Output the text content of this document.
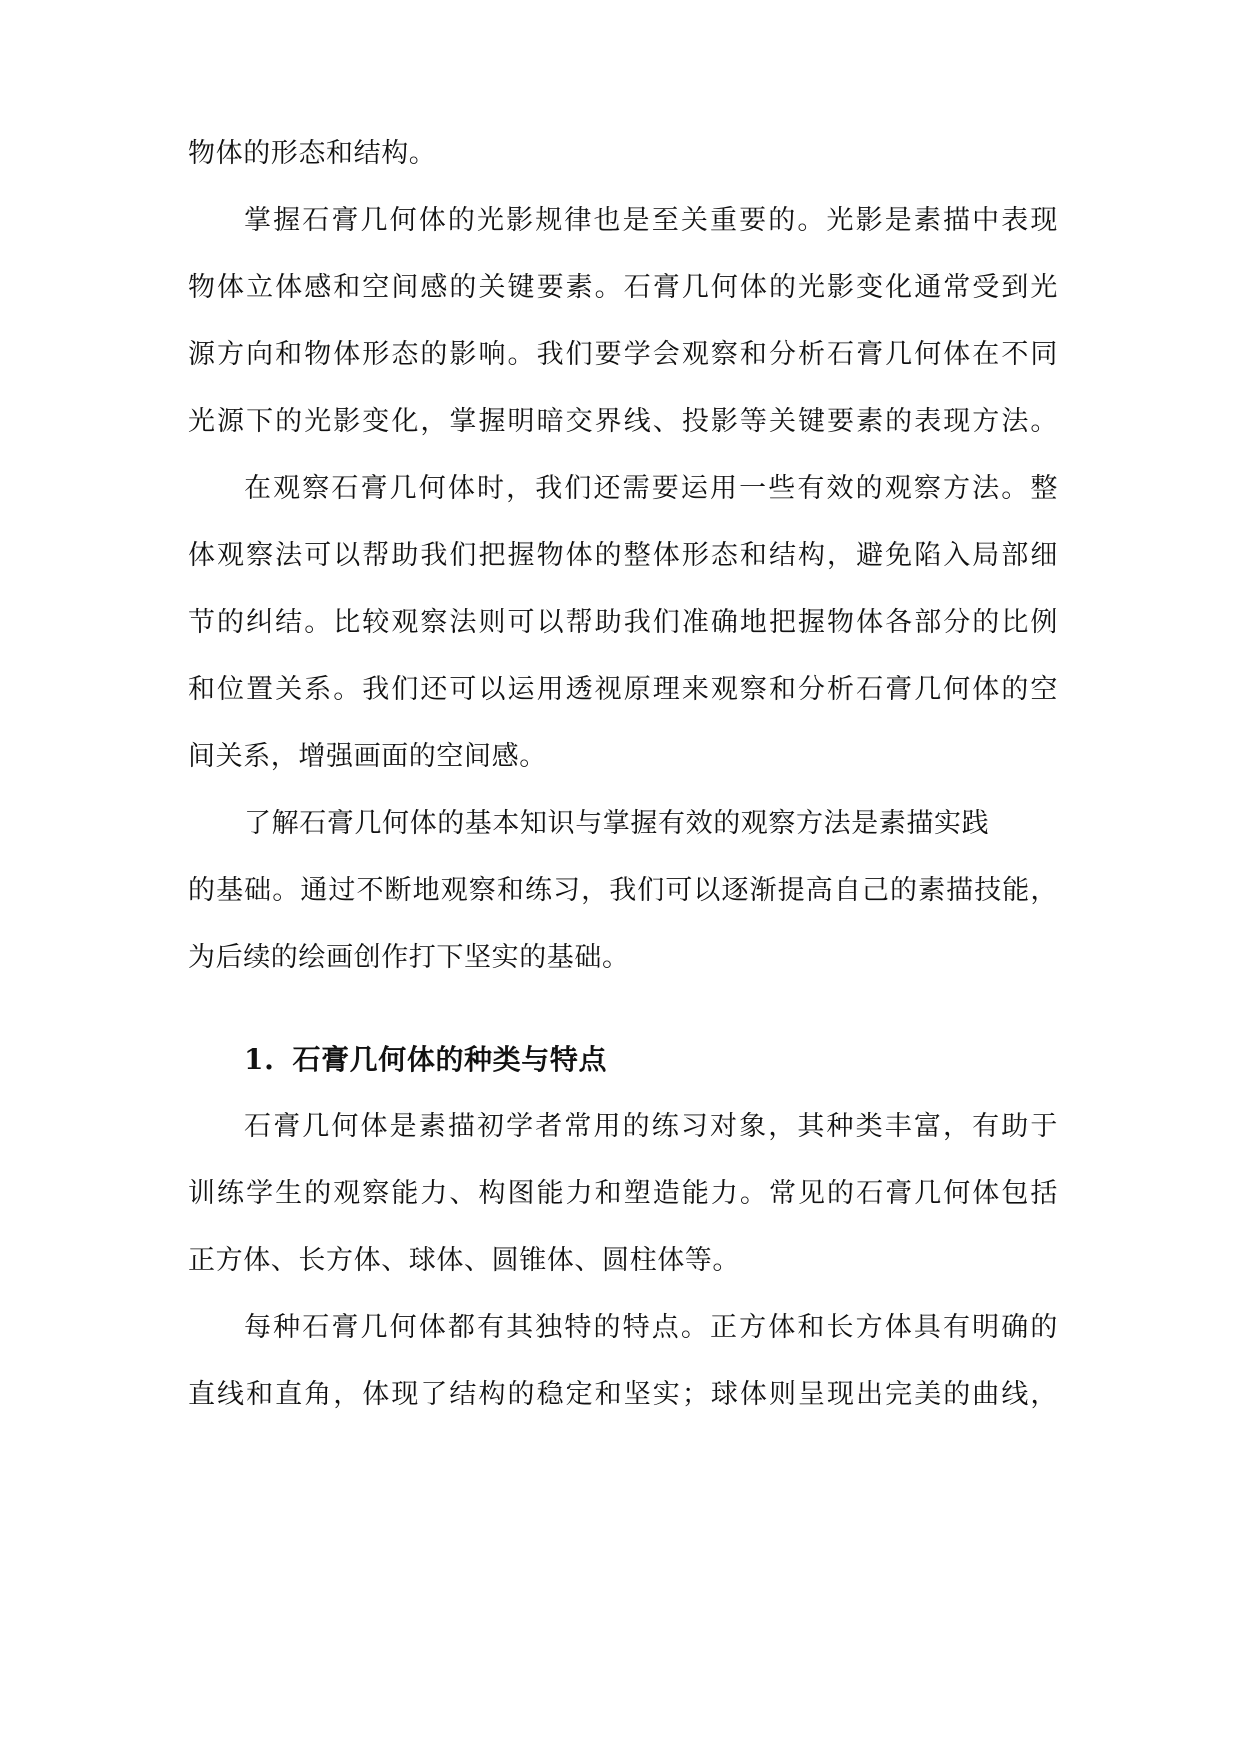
物体的形态和结构。
掌握石膏几何体的光影规律也是至关重要的。光影是素描中表现
物体立体感和空间感的关键要素。石膏几何体的光影变化通常受到光
源方向和物体形态的影响。我们要学会观察和分析石膏几何体在不同
光源下的光影变化，掌握明暗交界线、投影等关键要素的表现方法。
在观察石膏几何体时，我们还需要运用一些有效的观察方法。整
体观察法可以帮助我们把握物体的整体形态和结构，避免陷入局部细
节的纠结。比较观察法则可以帮助我们准确地把握物体各部分的比例
和位置关系。我们还可以运用透视原理来观察和分析石膏几何体的空
间关系，增强画面的空间感。
了解石膏几何体的基本知识与掌握有效的观察方法是素描实践
的基础。通过不断地观察和练习，我们可以逐渐提高自己的素描技能，
为后续的绘画创作打下坚实的基础。
1. 石膏几何体的种类与特点
石膏几何体是素描初学者常用的练习对象，其种类丰富，有助于
训练学生的观察能力、构图能力和塑造能力。常见的石膏几何体包括
正方体、长方体、球体、圆锥体、圆柱体等。
每种石膏几何体都有其独特的特点。正方体和长方体具有明确的
直线和直角，体现了结构的稳定和坚实；球体则呈现出完美的曲线，
